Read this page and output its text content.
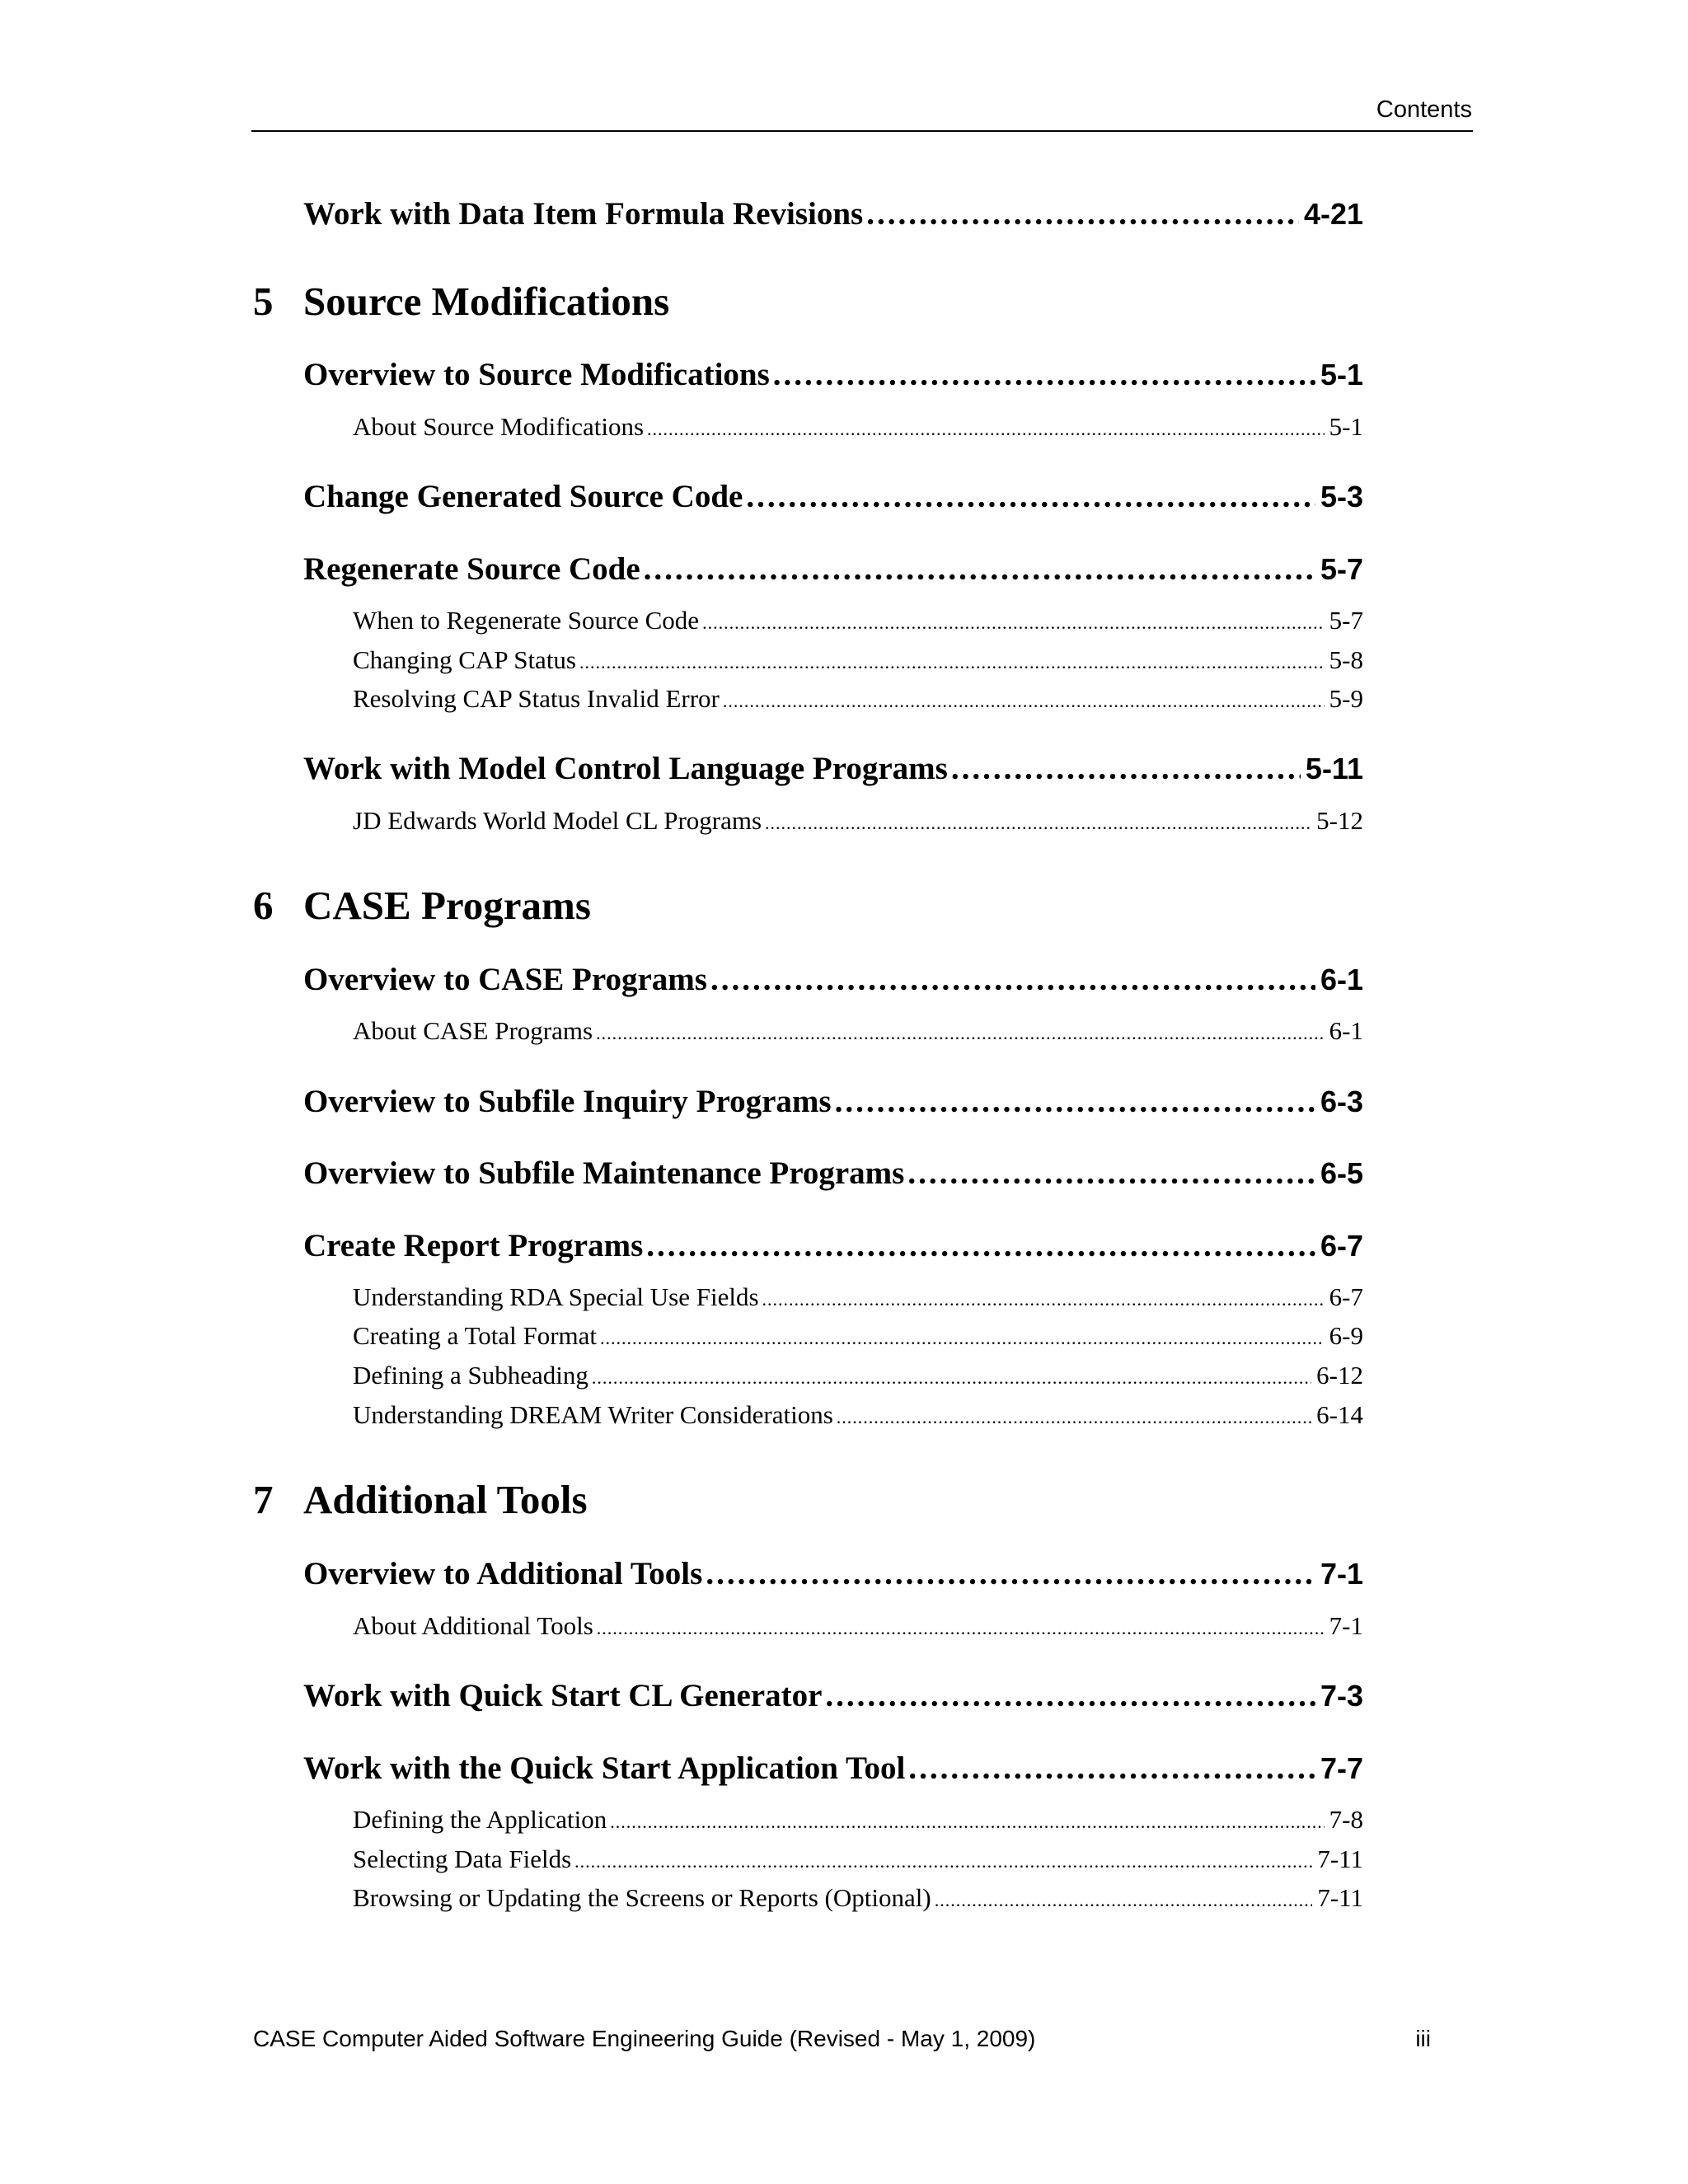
Contents
Work with Data Item Formula Revisions .....	4-21
5 Source Modifications
Overview to Source Modifications .....	5-1
About Source Modifications .....	5-1
Change Generated Source Code .....	5-3
Regenerate Source Code .....	5-7
When to Regenerate Source Code .....	5-7
Changing CAP Status .....	5-8
Resolving CAP Status Invalid Error .....	5-9
Work with Model Control Language Programs .....	5-11
JD Edwards World Model CL Programs .....	5-12
6 CASE Programs
Overview to CASE Programs .....	6-1
About CASE Programs .....	6-1
Overview to Subfile Inquiry Programs .....	6-3
Overview to Subfile Maintenance Programs .....	6-5
Create Report Programs .....	6-7
Understanding RDA Special Use Fields .....	6-7
Creating a Total Format .....	6-9
Defining a Subheading .....	6-12
Understanding DREAM Writer Considerations .....	6-14
7 Additional Tools
Overview to Additional Tools .....	7-1
About Additional Tools .....	7-1
Work with Quick Start CL Generator .....	7-3
Work with the Quick Start Application Tool .....	7-7
Defining the Application .....	7-8
Selecting Data Fields .....	7-11
Browsing or Updating the Screens or Reports (Optional) .....	7-11
CASE Computer Aided Software Engineering Guide (Revised - May 1, 2009)	iii
